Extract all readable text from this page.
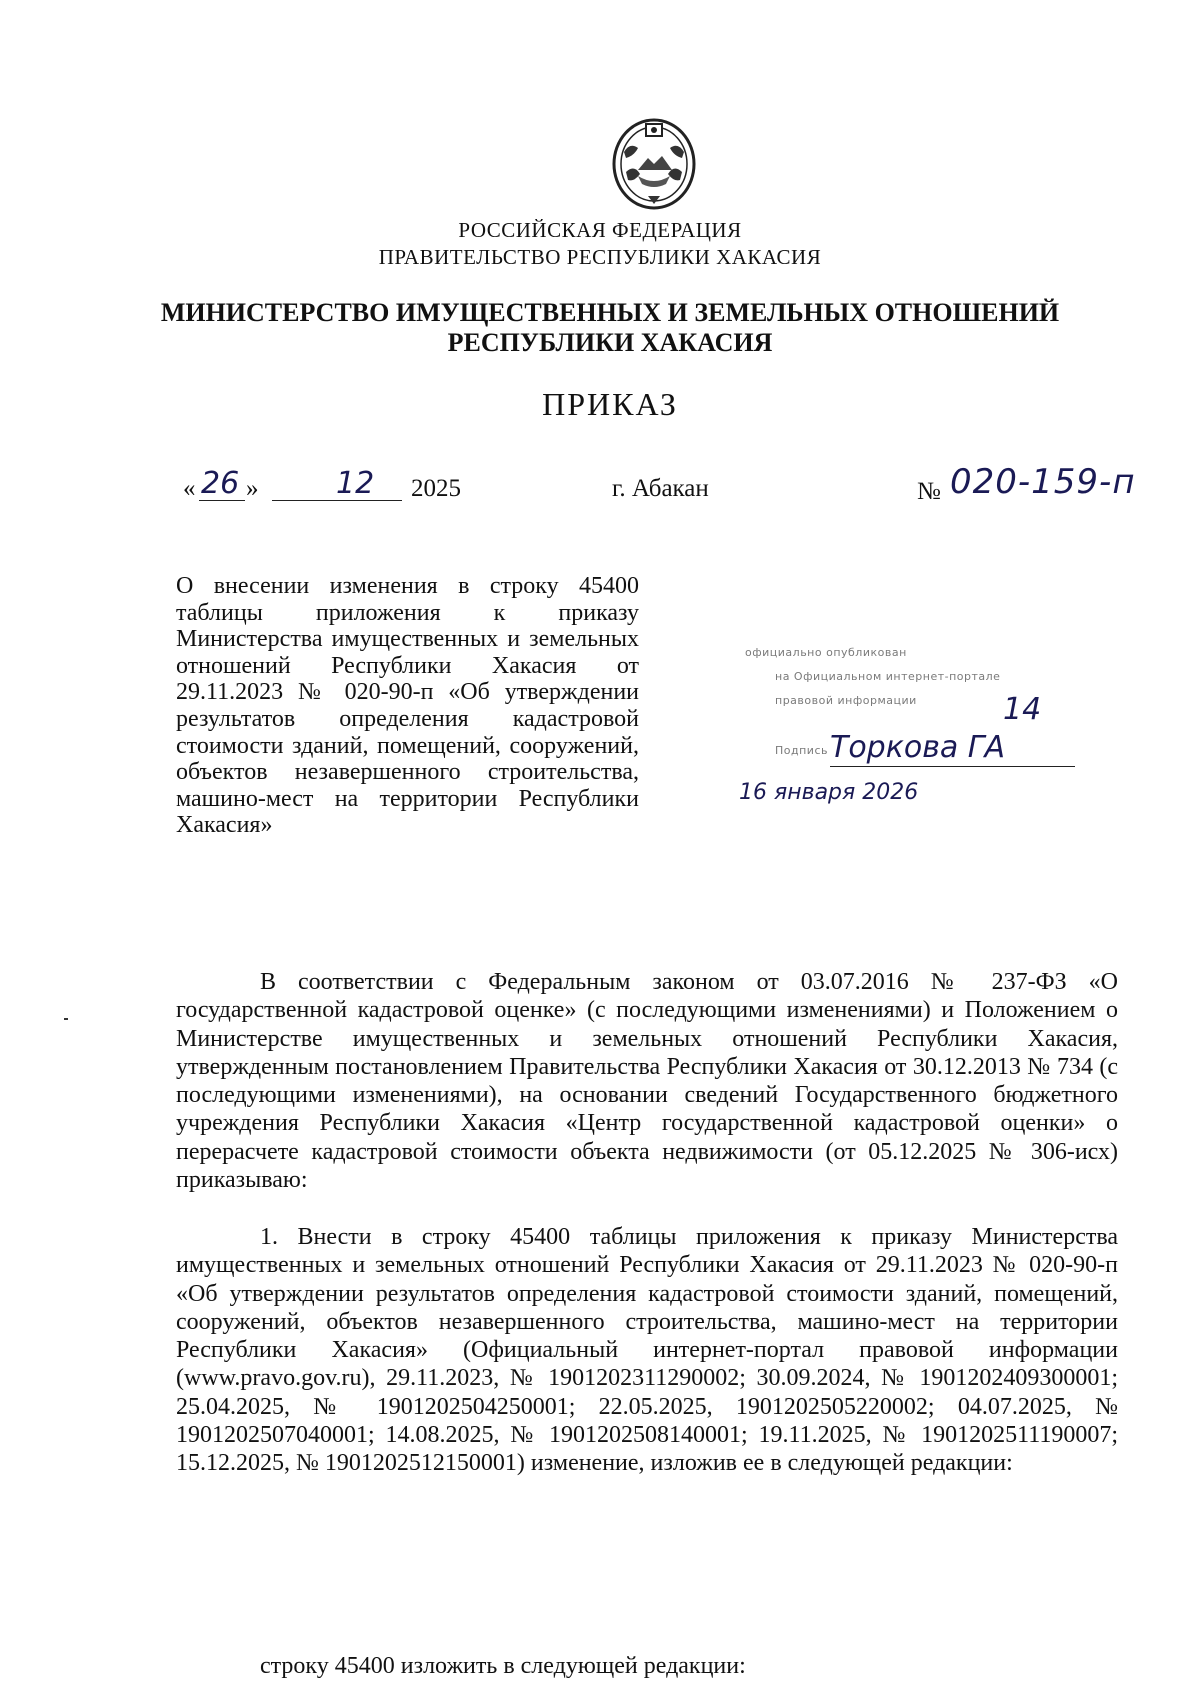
РОССИЙСКАЯ ФЕДЕРАЦИЯ
ПРАВИТЕЛЬСТВО РЕСПУБЛИКИ ХАКАСИЯ
МИНИСТЕРСТВО ИМУЩЕСТВЕННЫХ И ЗЕМЕЛЬНЫХ ОТНОШЕНИЙ
РЕСПУБЛИКИ ХАКАСИЯ
ПРИКАЗ
« 26 »	12 2025	г. Абакан	№ 020-159-п
О внесении изменения в строку 45400 таблицы приложения к приказу Министерства имущественных и земельных отношений Республики Хакасия от 29.11.2023 № 020-90-п «Об утверждении результатов определения кадастровой стоимости зданий, помещений, сооружений, объектов незавершенного строительства, машино-мест на территории Республики Хакасия»
официально опубликован
на Официальном интернет-портале
правовой информации	14
Подпись Торкова ГА
16 января 2026
В соответствии с Федеральным законом от 03.07.2016 № 237-ФЗ «О государственной кадастровой оценке» (с последующими изменениями) и Положением о Министерстве имущественных и земельных отношений Республики Хакасия, утвержденным постановлением Правительства Республики Хакасия от 30.12.2013 № 734 (с последующими изменениями), на основании сведений Государственного бюджетного учреждения Республики Хакасия «Центр государственной кадастровой оценки» о перерасчете кадастровой стоимости объекта недвижимости (от 05.12.2025 № 306-исх) приказываю:
1. Внести в строку 45400 таблицы приложения к приказу Министерства имущественных и земельных отношений Республики Хакасия от 29.11.2023 № 020-90-п «Об утверждении результатов определения кадастровой стоимости зданий, помещений, сооружений, объектов незавершенного строительства, машино-мест на территории Республики Хакасия» (Официальный интернет-портал правовой информации (www.pravo.gov.ru), 29.11.2023, № 1901202311290002; 30.09.2024, № 1901202409300001; 25.04.2025, № 1901202504250001; 22.05.2025, 1901202505220002; 04.07.2025, № 1901202507040001; 14.08.2025, № 1901202508140001; 19.11.2025, № 1901202511190007; 15.12.2025, № 1901202512150001) изменение, изложив ее в следующей редакции:
строку 45400 изложить в следующей редакции:
